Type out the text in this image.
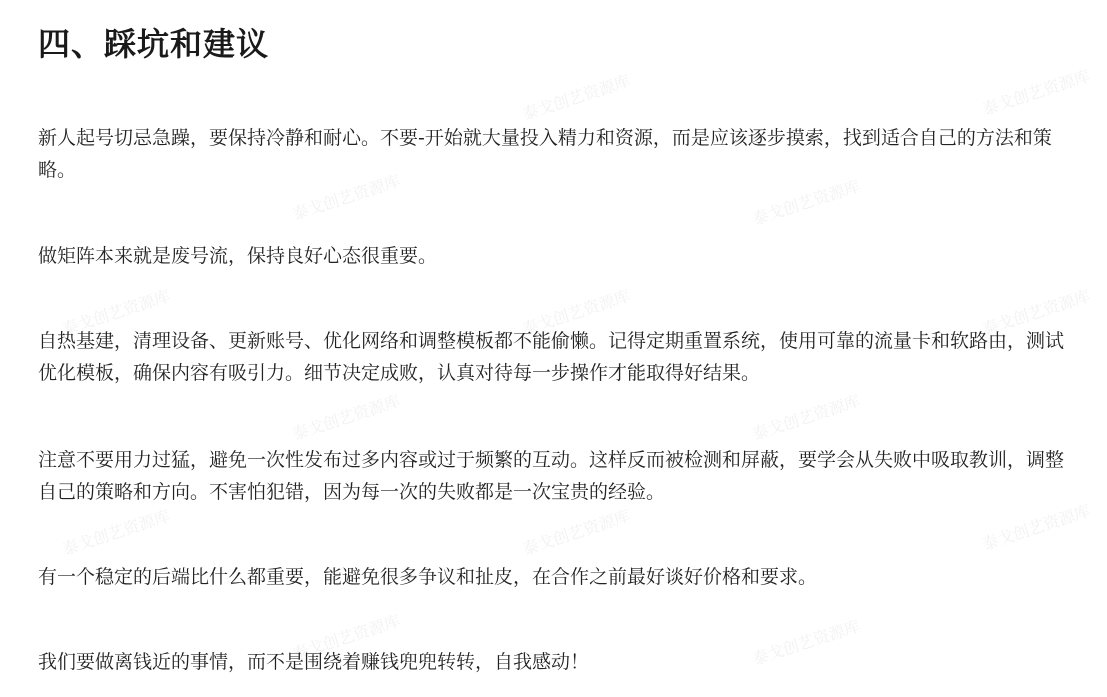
泰戈创艺资源库	泰戈创艺资源库
泰戈创艺资源库	泰戈创艺资源库
泰戈创艺资源库	泰戈创艺资源库	泰戈创艺资源库
泰戈创艺资源库	泰戈创艺资源库
泰戈创艺资源库	泰戈创艺资源库	泰戈创艺资源库
泰戈创艺资源库	泰戈创艺资源库
四、踩坑和建议

新人起号切忌急躁，要保持冷静和耐心。不要-开始就大量投入精力和资源，而是应该逐步摸索，找到适合自己的方法和策略。

做矩阵本来就是废号流，保持良好心态很重要。

自热基建，清理设备、更新账号、优化网络和调整模板都不能偷懒。记得定期重置系统，使用可靠的流量卡和软路由，测试优化模板，确保内容有吸引力。细节决定成败，认真对待每一步操作才能取得好结果。

注意不要用力过猛，避免一次性发布过多内容或过于频繁的互动。这样反而被检测和屏蔽，要学会从失败中吸取教训，调整自己的策略和方向。不害怕犯错，因为每一次的失败都是一次宝贵的经验。

有一个稳定的后端比什么都重要，能避免很多争议和扯皮，在合作之前最好谈好价格和要求。

我们要做离钱近的事情，而不是围绕着赚钱兜兜转转，自我感动！
